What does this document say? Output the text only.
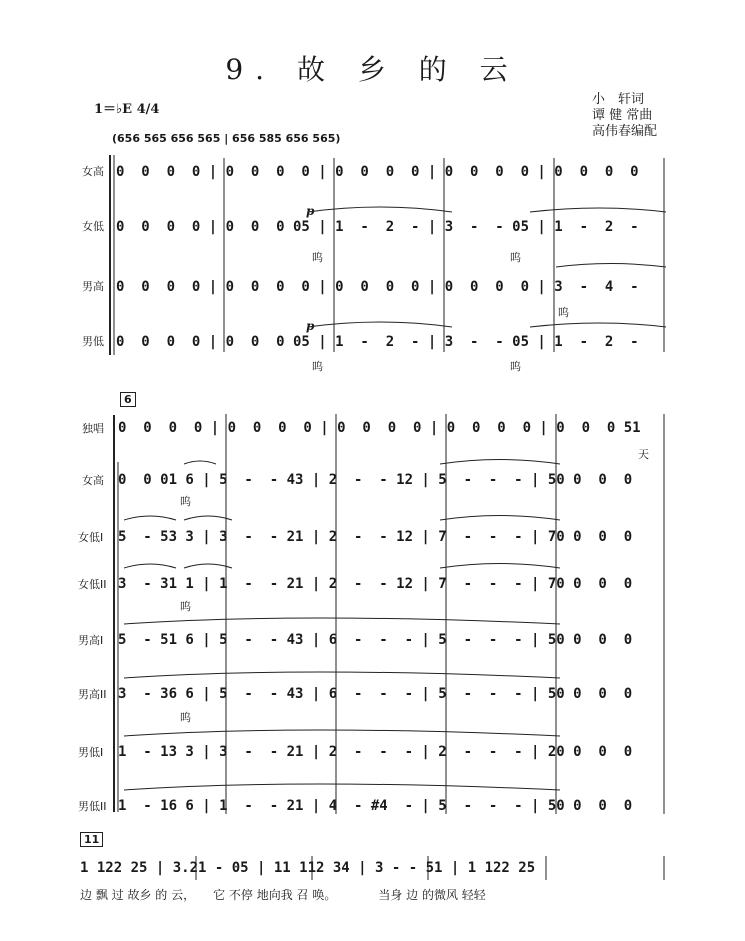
9. 故 乡 的 云
小　轩词
谭 健 常曲
高伟春编配
1＝♭E 4/4
(656 565 656 565 | 656 585 656 565)
女高 0  0  0  0 | 0  0  0  0 | 0  0  0  0 | 0  0  0  0 | 0  0  0  0
女低
p
0  0  0  0 | 0  0  0 05 | 1  -  2  - | 3  -  - 05 | 1  -  2  -
呜　　　　　　　　　　　　　　　　　呜
男高 0  0  0  0 | 0  0  0  0 | 0  0  0  0 | 0  0  0  0 | 3  -  4  -
呜
男低
p
0  0  0  0 | 0  0  0 05 | 1  -  2  - | 3  -  - 05 | 1  -  2  -
呜　　　　　　　　　　　　　　　　　呜
6
独唱 0  0  0  0 | 0  0  0  0 | 0  0  0  0 | 0  0  0  0 | 0  0  0 51
天
女高 0  0 01 6 | 5  -  - 43 | 2  -  - 12 | 5  -  -  - | 50 0  0  0
呜
女低I 5  - 53 3 | 3  -  - 21 | 2  -  - 12 | 7  -  -  - | 70 0  0  0
女低II 3  - 31 1 | 1  -  - 21 | 2  -  - 12 | 7  -  -  - | 70 0  0  0
呜
男高I 5  - 51 6 | 5  -  - 43 | 6  -  -  - | 5  -  -  - | 50 0  0  0
男高II 3  - 36 6 | 5  -  - 43 | 6  -  -  - | 5  -  -  - | 50 0  0  0
呜
男低I 1  - 13 3 | 3  -  - 21 | 2  -  -  - | 2  -  -  - | 20 0  0  0
男低II 1  - 16 6 | 1  -  - 21 | 4  - #4  - | 5  -  -  - | 50 0  0  0
11
1 122 25 | 3.21 - 05 | 11 112 34 | 3 - - 51 | 1 122 25
边 飘 过 故乡 的 云，　　它 不停 地向我 召 唤。　　　　当身 边 的微风 轻轻
